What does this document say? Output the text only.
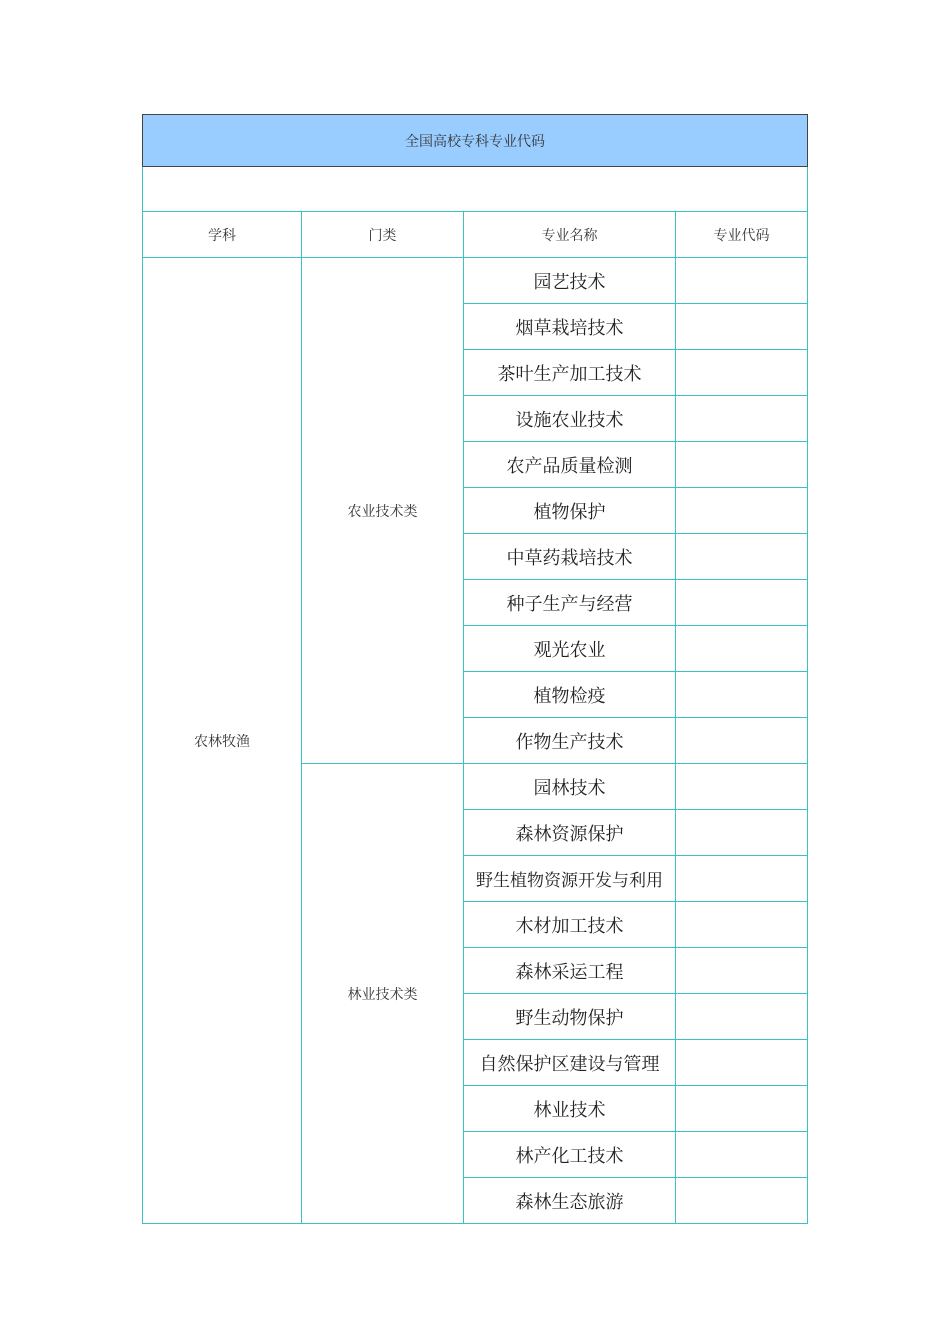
全国高校专科专业代码			

学科	门类	专业名称	专业代码
农林牧渔	农业技术类	园艺技术	
		烟草栽培技术	
		茶叶生产加工技术	
		设施农业技术	
		农产品质量检测	
		植物保护	
		中草药栽培技术	
		种子生产与经营	
		观光农业	
		植物检疫	
		作物生产技术	
	林业技术类	园林技术	
		森林资源保护	
		野生植物资源开发与利用	
		木材加工技术	
		森林采运工程	
		野生动物保护	
		自然保护区建设与管理	
		林业技术	
		林产化工技术	
		森林生态旅游	
